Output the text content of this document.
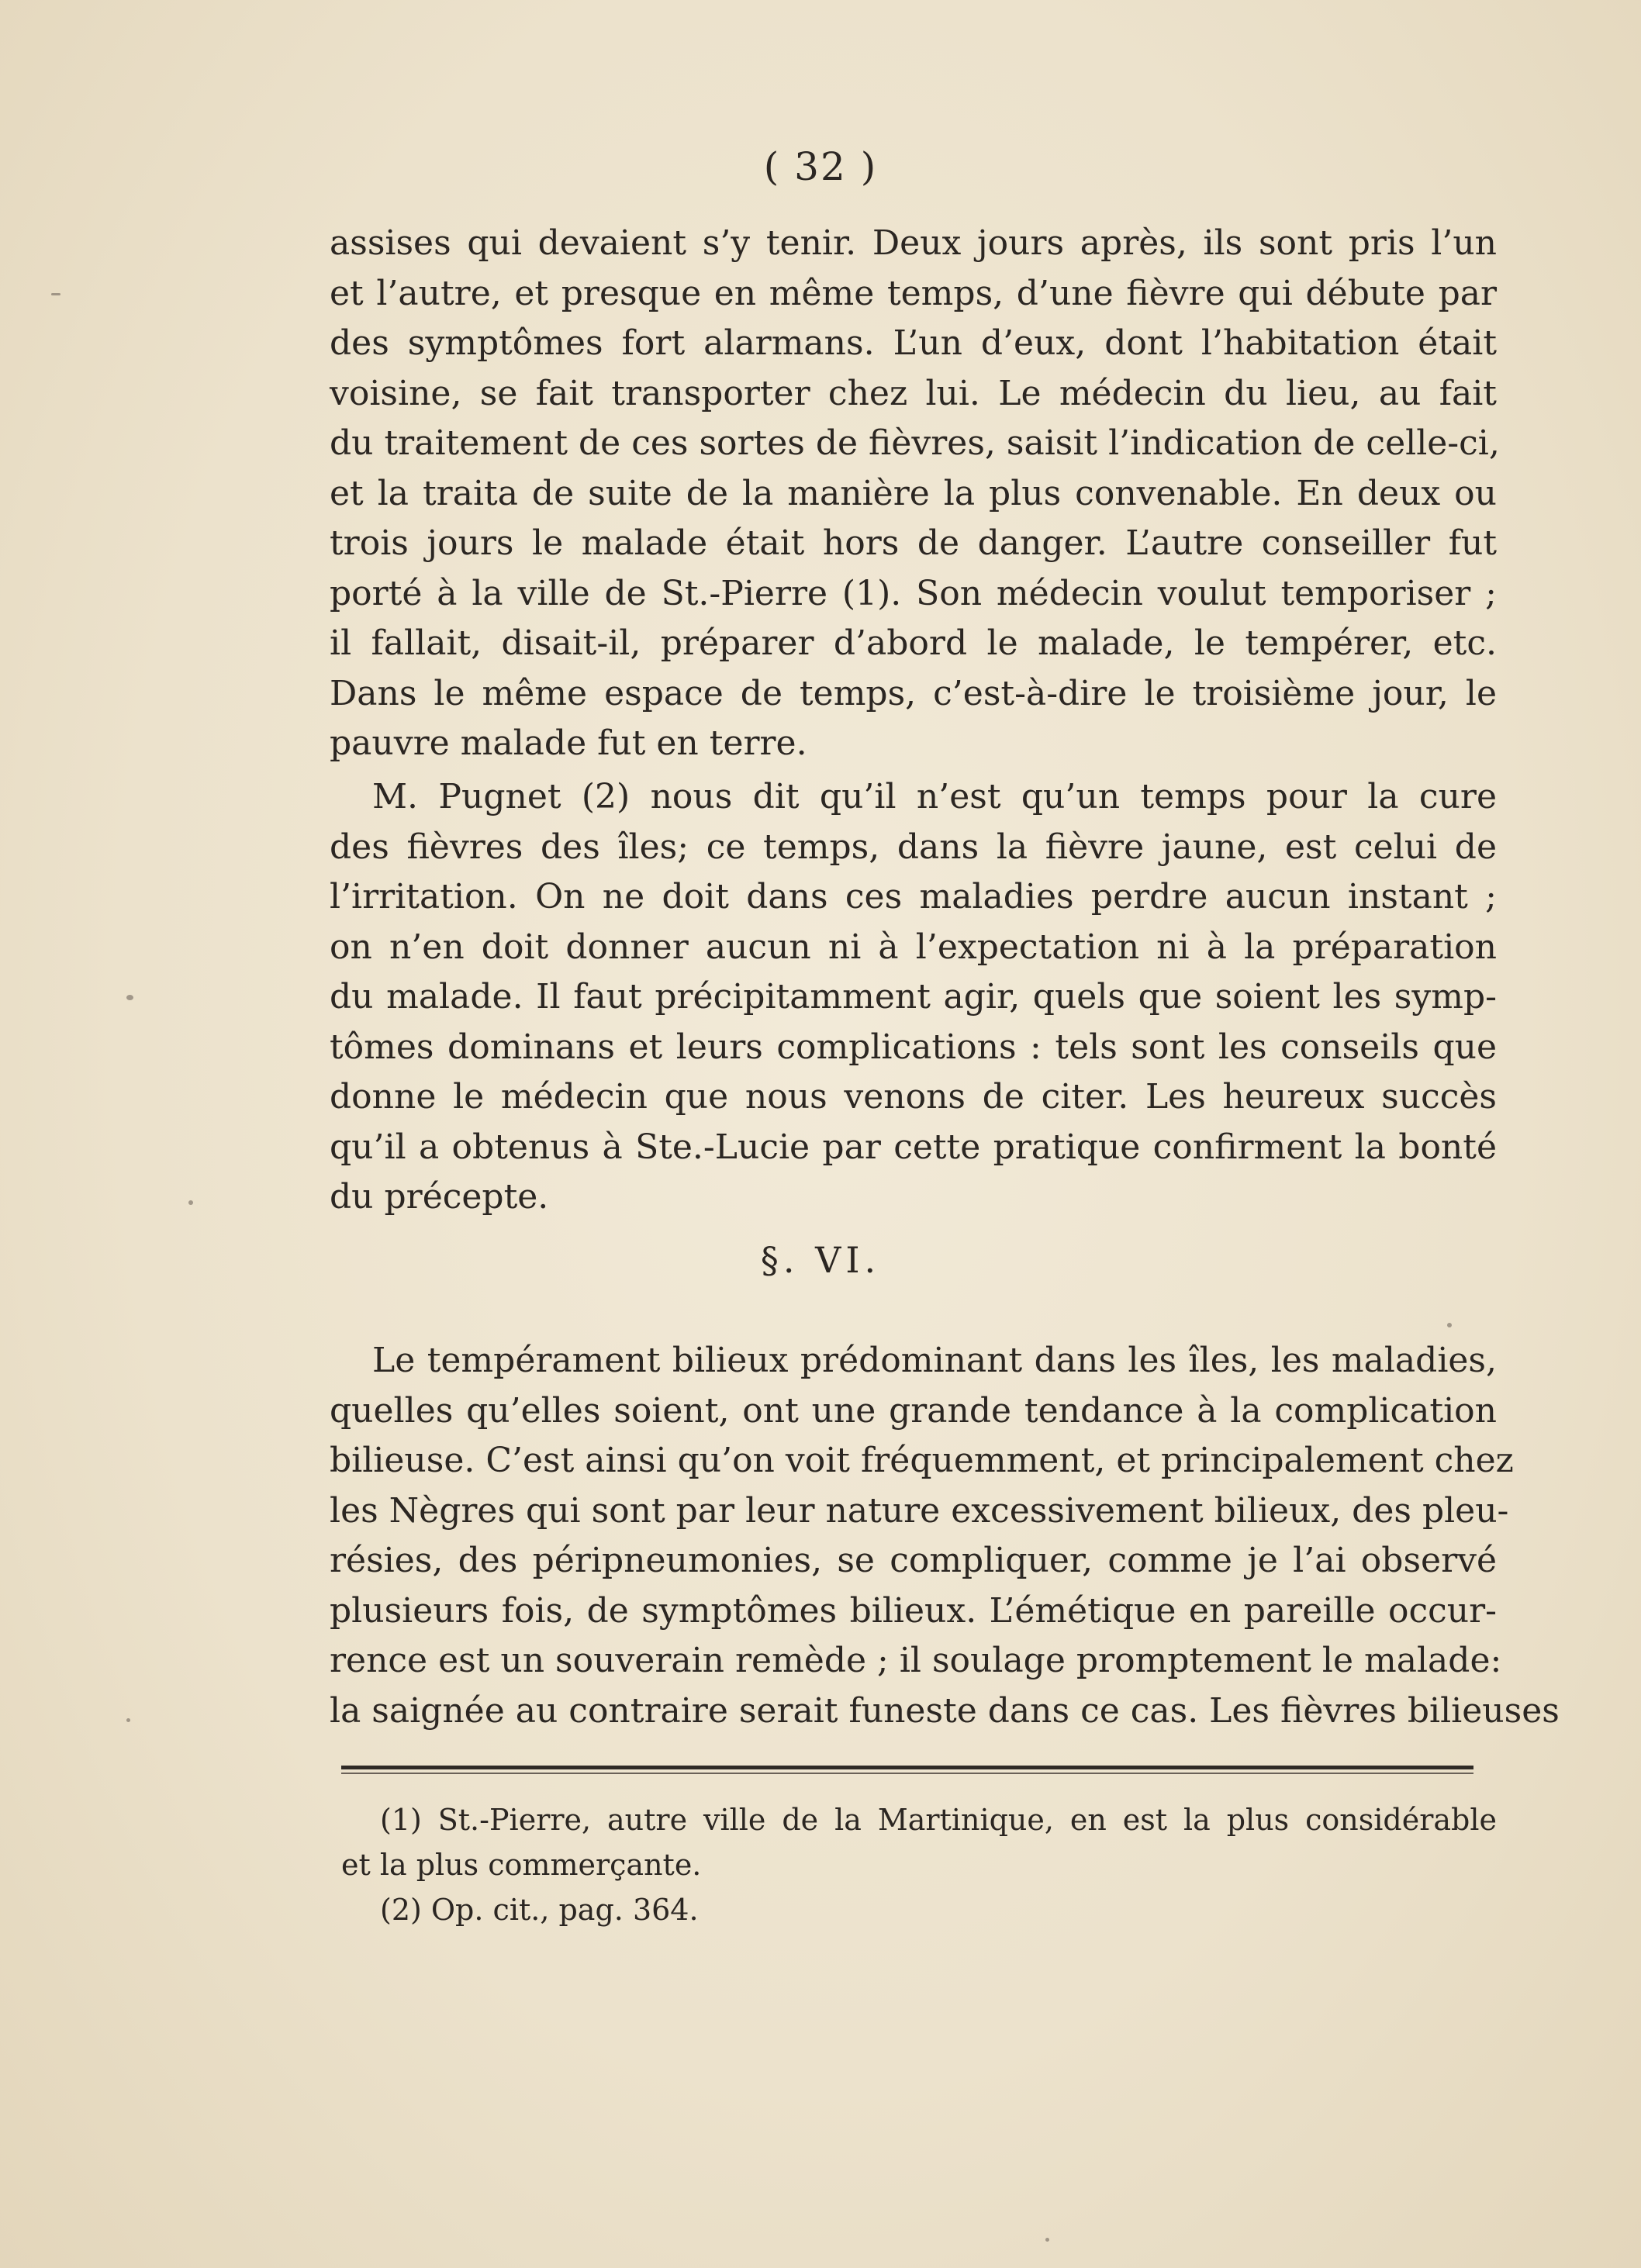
( 32 )
assises qui devaient s’y tenir. Deux jours après, ils sont pris l’un
et l’autre, et presque en même temps, d’une fièvre qui débute par
des symptômes fort alarmans. L’un d’eux, dont l’habitation était
voisine, se fait transporter chez lui. Le médecin du lieu, au fait
du traitement de ces sortes de fièvres, saisit l’indication de celle-ci,
et la traita de suite de la manière la plus convenable. En deux ou
trois jours le malade était hors de danger. L’autre conseiller fut
porté à la ville de St.-Pierre (1). Son médecin voulut temporiser ;
il fallait, disait-il, préparer d’abord le malade, le tempérer, etc.
Dans le même espace de temps, c’est-à-dire le troisième jour, le
pauvre malade fut en terre.
M. Pugnet (2) nous dit qu’il n’est qu’un temps pour la cure
des fièvres des îles; ce temps, dans la fièvre jaune, est celui de
l’irritation. On ne doit dans ces maladies perdre aucun instant ;
on n’en doit donner aucun ni à l’expectation ni à la préparation
du malade. Il faut précipitamment agir, quels que soient les symp-
tômes dominans et leurs complications : tels sont les conseils que
donne le médecin que nous venons de citer. Les heureux succès
qu’il a obtenus à Ste.-Lucie par cette pratique confirment la bonté
du précepte.
§. VI.
Le tempérament bilieux prédominant dans les îles, les maladies,
quelles qu’elles soient, ont une grande tendance à la complication
bilieuse. C’est ainsi qu’on voit fréquemment, et principalement chez
les Nègres qui sont par leur nature excessivement bilieux, des pleu-
résies, des péripneumonies, se compliquer, comme je l’ai observé
plusieurs fois, de symptômes bilieux. L’émétique en pareille occur-
rence est un souverain remède ; il soulage promptement le malade:
la saignée au contraire serait funeste dans ce cas. Les fièvres bilieuses
(1) St.-Pierre, autre ville de la Martinique, en est la plus considérable
et la plus commerçante.
(2) Op. cit., pag. 364.
